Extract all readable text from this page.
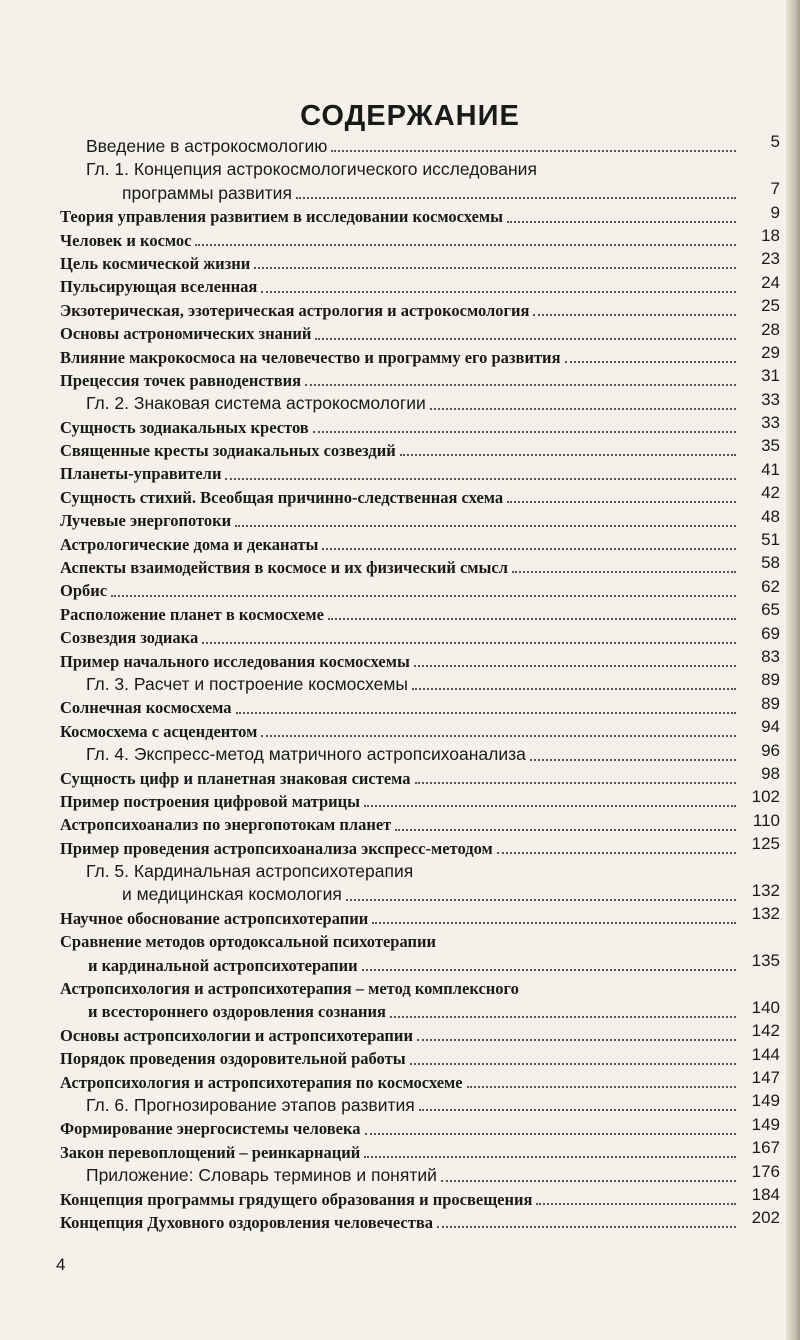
СОДЕРЖАНИЕ
Введение в астрокосмологию	5
Гл. 1. Концепция астрокосмологического исследования
программы развития	7
Теория управления развитием в исследовании космосхемы	9
Человек и космос	18
Цель космической жизни	23
Пульсирующая вселенная	24
Экзотерическая, эзотерическая астрология и астрокосмология	25
Основы астрономических знаний	28
Влияние макрокосмоса на человечество и программу его развития	29
Прецессия точек равноденствия	31
Гл. 2. Знаковая система астрокосмологии	33
Сущность зодиакальных крестов	33
Священные кресты зодиакальных созвездий	35
Планеты-управители	41
Сущность стихий. Всеобщая причинно-следственная схема	42
Лучевые энергопотоки	48
Астрологические дома и деканаты	51
Аспекты взаимодействия в космосе и их физический смысл	58
Орбис	62
Расположение планет в космосхеме	65
Созвездия зодиака	69
Пример начального исследования космосхемы	83
Гл. 3. Расчет и построение космосхемы	89
Солнечная космосхема	89
Космосхема с асцендентом	94
Гл. 4. Экспресс-метод матричного астропсихоанализа	96
Сущность цифр и планетная знаковая система	98
Пример построения цифровой матрицы	102
Астропсихоанализ по энергопотокам планет	110
Пример проведения астропсихоанализа экспресс-методом	125
Гл. 5. Кардинальная астропсихотерапия
и медицинская космология	132
Научное обоснование астропсихотерапии	132
Сравнение методов ортодоксальной психотерапии
и кардинальной астропсихотерапии	135
Астропсихология и астропсихотерапия – метод комплексного
и всестороннего оздоровления сознания	140
Основы астропсихологии и астропсихотерапии	142
Порядок проведения оздоровительной работы	144
Астропсихология и астропсихотерапия по космосхеме	147
Гл. 6. Прогнозирование этапов развития	149
Формирование энергосистемы человека	149
Закон перевоплощений – реинкарнаций	167
Приложение: Словарь терминов и понятий	176
Концепция программы грядущего образования и просвещения	184
Концепция Духовного оздоровления человечества	202
4
